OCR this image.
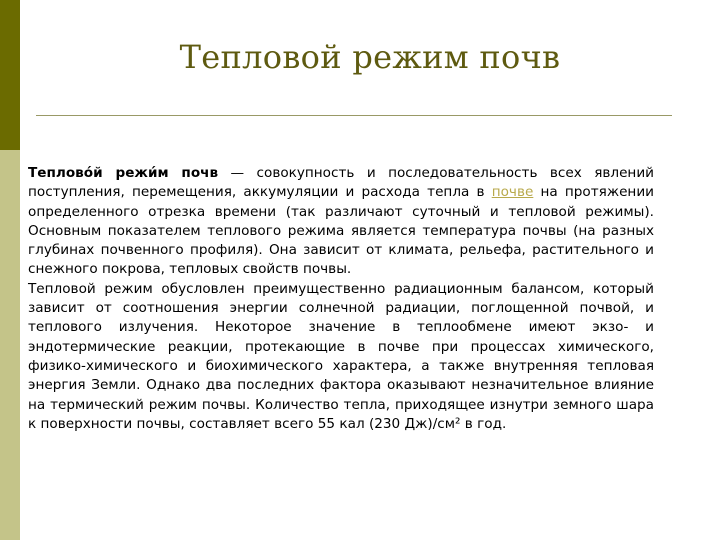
Тепловой режим почв

Теплово́й режи́м почв — совокупность и последовательность всех явлений поступления, перемещения, аккумуляции и расхода тепла в почве на протяжении определенного отрезка времени (так различают суточный и тепловой режимы). Основным показателем теплового режима является температура почвы (на разных глубинах почвенного профиля). Она зависит от климата, рельефа, растительного и снежного покрова, тепловых свойств почвы.

Тепловой режим обусловлен преимущественно радиационным балансом, который зависит от соотношения энергии солнечной радиации, поглощенной почвой, и теплового излучения. Некоторое значение в теплообмене имеют экзо- и эндотермические реакции, протекающие в почве при процессах химического, физико-химического и биохимического характера, а также внутренняя тепловая энергия Земли. Однако два последних фактора оказывают незначительное влияние на термический режим почвы. Количество тепла, приходящее изнутри земного шара к поверхности почвы, составляет всего 55 кал (230 Дж)/см² в год.
